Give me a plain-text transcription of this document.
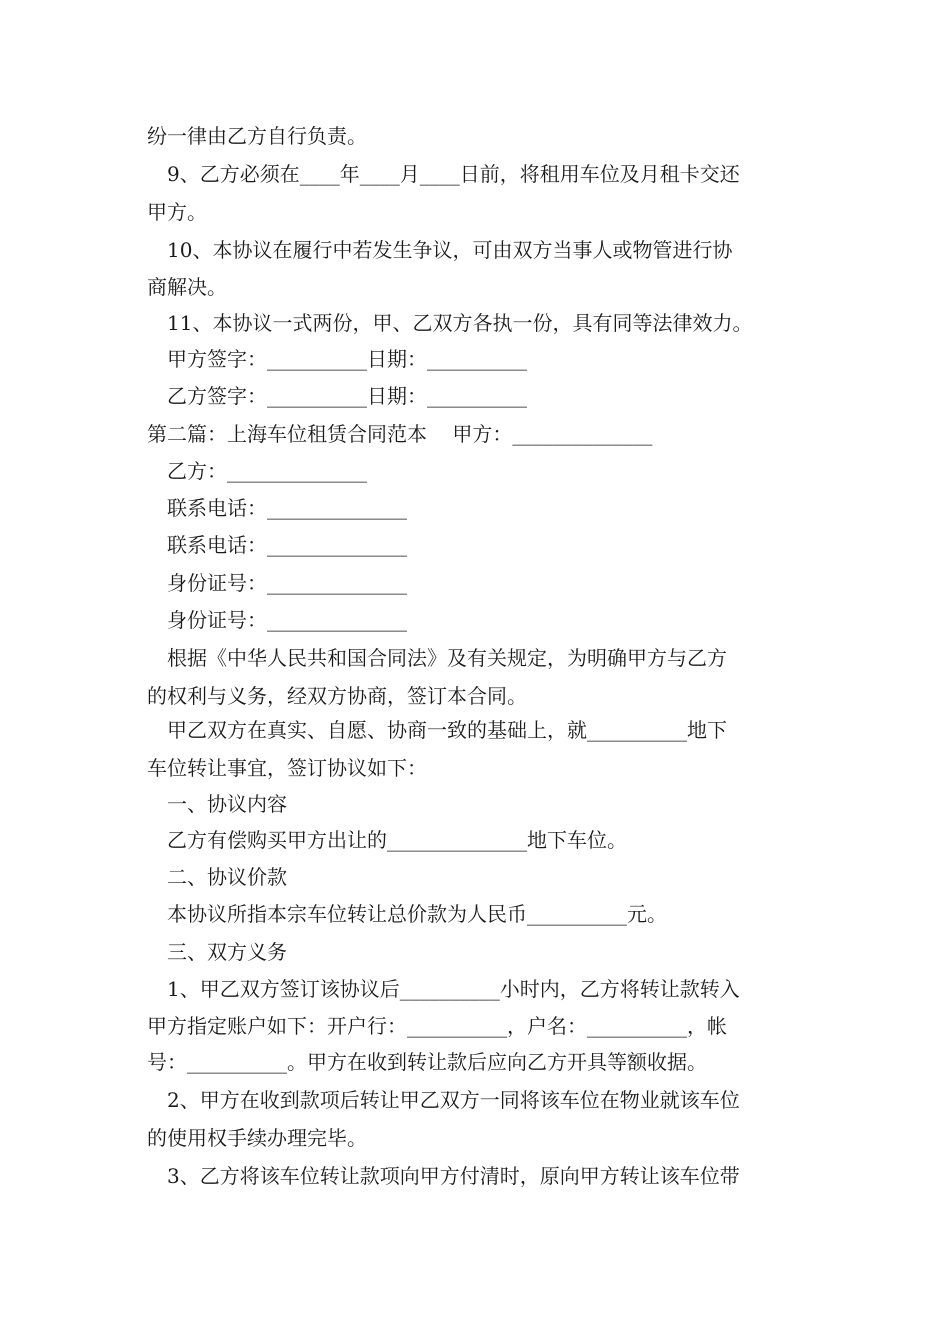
纷一律由乙方自行负责。
9、乙方必须在____年____月____日前，将租用车位及月租卡交还
甲方。
10、本协议在履行中若发生争议，可由双方当事人或物管进行协
商解决。
11、本协议一式两份，甲、乙双方各执一份，具有同等法律效力。
甲方签字：__________日期：__________
乙方签字：__________日期：__________
第二篇：上海车位租赁合同范本    甲方：______________
乙方：______________
联系电话：______________
联系电话：______________
身份证号：______________
身份证号：______________
根据《中华人民共和国合同法》及有关规定，为明确甲方与乙方
的权利与义务，经双方协商，签订本合同。
甲乙双方在真实、自愿、协商一致的基础上，就__________地下
车位转让事宜，签订协议如下：
一、协议内容
乙方有偿购买甲方出让的______________地下车位。
二、协议价款
本协议所指本宗车位转让总价款为人民币__________元。
三、双方义务
1、甲乙双方签订该协议后__________小时内，乙方将转让款转入
甲方指定账户如下：开户行：__________，户名：__________，帐
号：__________。甲方在收到转让款后应向乙方开具等额收据。
2、甲方在收到款项后转让甲乙双方一同将该车位在物业就该车位
的使用权手续办理完毕。
3、乙方将该车位转让款项向甲方付清时，原向甲方转让该车位带
